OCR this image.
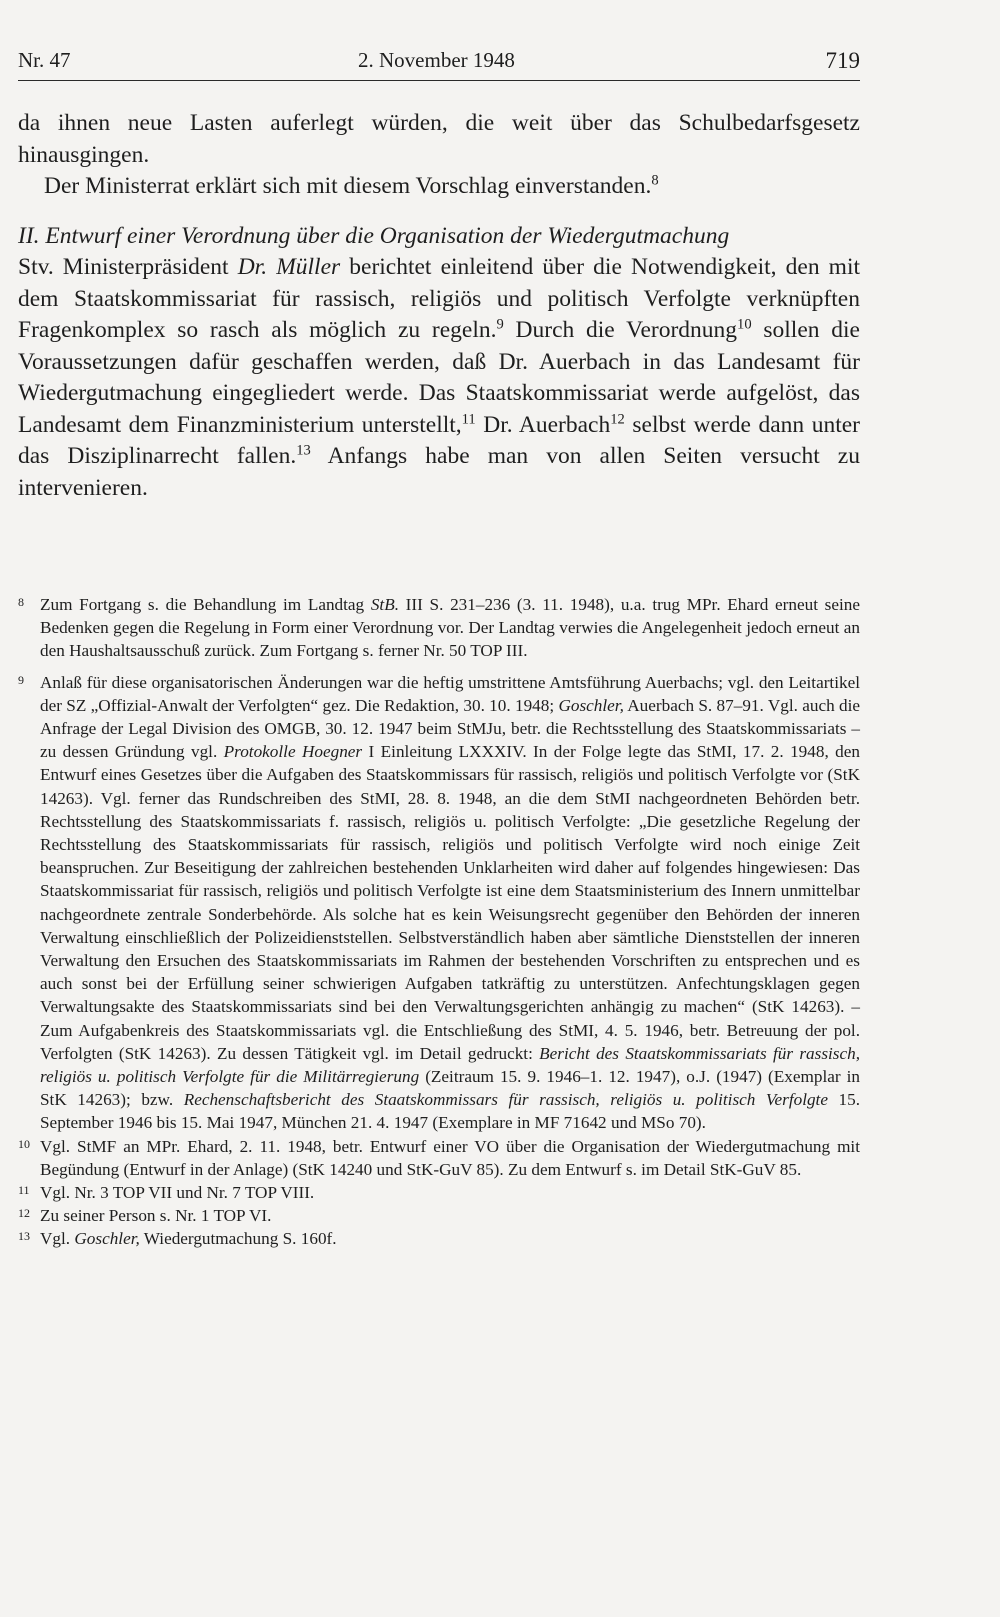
Nr. 47	2. November 1948	719

da ihnen neue Lasten auferlegt würden, die weit über das Schulbedarfsgesetz
hinausgingen.

Der Ministerrat erklärt sich mit diesem Vorschlag einverstanden.$^8$

II. Entwurf einer Verordnung über die Organisation der Wiedergutmachung

Stv. Ministerpräsident Dr. Müller berichtet einleitend über die Notwendigkeit, den mit dem Staatskommissariat für rassisch, religiös und politisch Verfolgte verknüpften Fragenkomplex so rasch als möglich zu regeln.$^9$ Durch die Verordnung$^{10}$ sollen die Voraussetzungen dafür geschaffen werden, daß Dr. Auerbach in das Landesamt für Wiedergutmachung eingegliedert werde. Das Staatskommissariat werde aufgelöst, das Landesamt dem Finanzministerium unterstellt,$^{11}$ Dr. Auerbach$^{12}$ selbst werde dann unter das Disziplinarrecht fallen.$^{13}$ Anfangs habe man von allen Seiten versucht zu intervenieren.

8 Zum Fortgang s. die Behandlung im Landtag StB. III S. 231–236 (3. 11. 1948), u.a. trug MPr. Ehard erneut seine Bedenken gegen die Regelung in Form einer Verordnung vor. Der Landtag verwies die Angelegenheit jedoch erneut an den Haushaltsausschuß zurück. Zum Fortgang s. ferner Nr. 50 TOP III.
9 Anlaß für diese organisatorischen Änderungen war die heftig umstrittene Amtsführung Auerbachs; vgl. den Leitartikel der SZ „Offizial-Anwalt der Verfolgten“ gez. Die Redaktion, 30. 10. 1948; Goschler, Auerbach S. 87–91. Vgl. auch die Anfrage der Legal Division des OMGB, 30. 12. 1947 beim StMJu, betr. die Rechtsstellung des Staatskommissariats – zu dessen Gründung vgl. Protokolle Hoegner I Einleitung LXXXIV. In der Folge legte das StMI, 17. 2. 1948, den Entwurf eines Gesetzes über die Aufgaben des Staatskommissars für rassisch, religiös und politisch Verfolgte vor (StK 14263). Vgl. ferner das Rundschreiben des StMI, 28. 8. 1948, an die dem StMI nachgeordneten Behörden betr. Rechtsstellung des Staatskommissariats f. rassisch, religiös u. politisch Verfolgte: „Die gesetzliche Regelung der Rechtsstellung des Staatskommissariats für rassisch, religiös und politisch Verfolgte wird noch einige Zeit beanspruchen. Zur Beseitigung der zahlreichen bestehenden Unklarheiten wird daher auf folgendes hingewiesen: Das Staatskommissariat für rassisch, religiös und politisch Verfolgte ist eine dem Staatsministerium des Innern unmittelbar nachgeordnete zentrale Sonderbehörde. Als solche hat es kein Weisungsrecht gegenüber den Behörden der inneren Verwaltung einschließlich der Polizeidienststellen. Selbstverständlich haben aber sämtliche Dienststellen der inneren Verwaltung den Ersuchen des Staatskommissariats im Rahmen der bestehenden Vorschriften zu entsprechen und es auch sonst bei der Erfüllung seiner schwierigen Aufgaben tatkräftig zu unterstützen. Anfechtungsklagen gegen Verwaltungsakte des Staatskommissariats sind bei den Verwaltungsgerichten anhängig zu machen“ (StK 14263). – Zum Aufgabenkreis des Staatskommissariats vgl. die Entschließung des StMI, 4. 5. 1946, betr. Betreuung der pol. Verfolgten (StK 14263). Zu dessen Tätigkeit vgl. im Detail gedruckt: Bericht des Staatskommissariats für rassisch, religiös u. politisch Verfolgte für die Militärregierung (Zeitraum 15. 9. 1946–1. 12. 1947), o.J. (1947) (Exemplar in StK 14263); bzw. Rechenschaftsbericht des Staatskommissars für rassisch, religiös u. politisch Verfolgte 15. September 1946 bis 15. Mai 1947, München 21. 4. 1947 (Exemplare in MF 71642 und MSo 70).
10 Vgl. StMF an MPr. Ehard, 2. 11. 1948, betr. Entwurf einer VO über die Organisation der Wiedergutmachung mit Begündung (Entwurf in der Anlage) (StK 14240 und StK-GuV 85). Zu dem Entwurf s. im Detail StK-GuV 85.
11 Vgl. Nr. 3 TOP VII und Nr. 7 TOP VIII.
12 Zu seiner Person s. Nr. 1 TOP VI.
13 Vgl. Goschler, Wiedergutmachung S. 160f.
